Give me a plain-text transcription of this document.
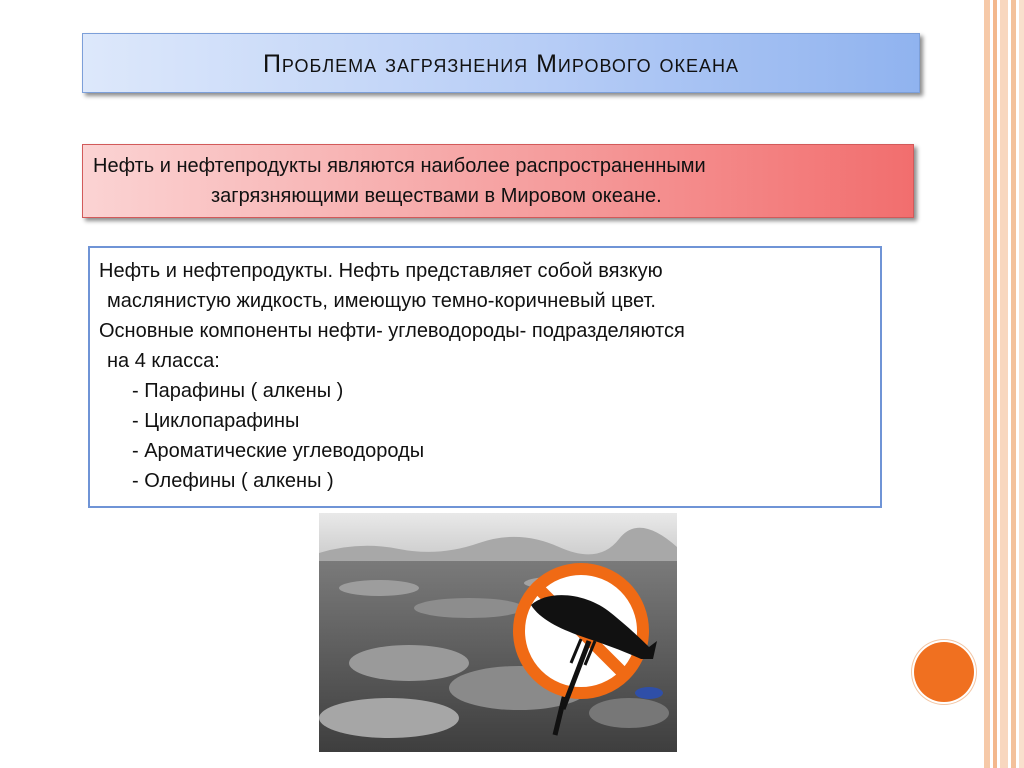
Проблема загрязнения Мирового океана
Нефть и нефтепродукты являются наиболее распространенными
загрязняющими веществами в Мировом океане.
Нефть и нефтепродукты. Нефть представляет собой вязкую
маслянистую жидкость, имеющую темно-коричневый цвет.
Основные компоненты нефти- углеводороды- подразделяются
на 4 класса:
- Парафины ( алкены )
- Циклопарафины
- Ароматические углеводороды
- Олефины ( алкены )
